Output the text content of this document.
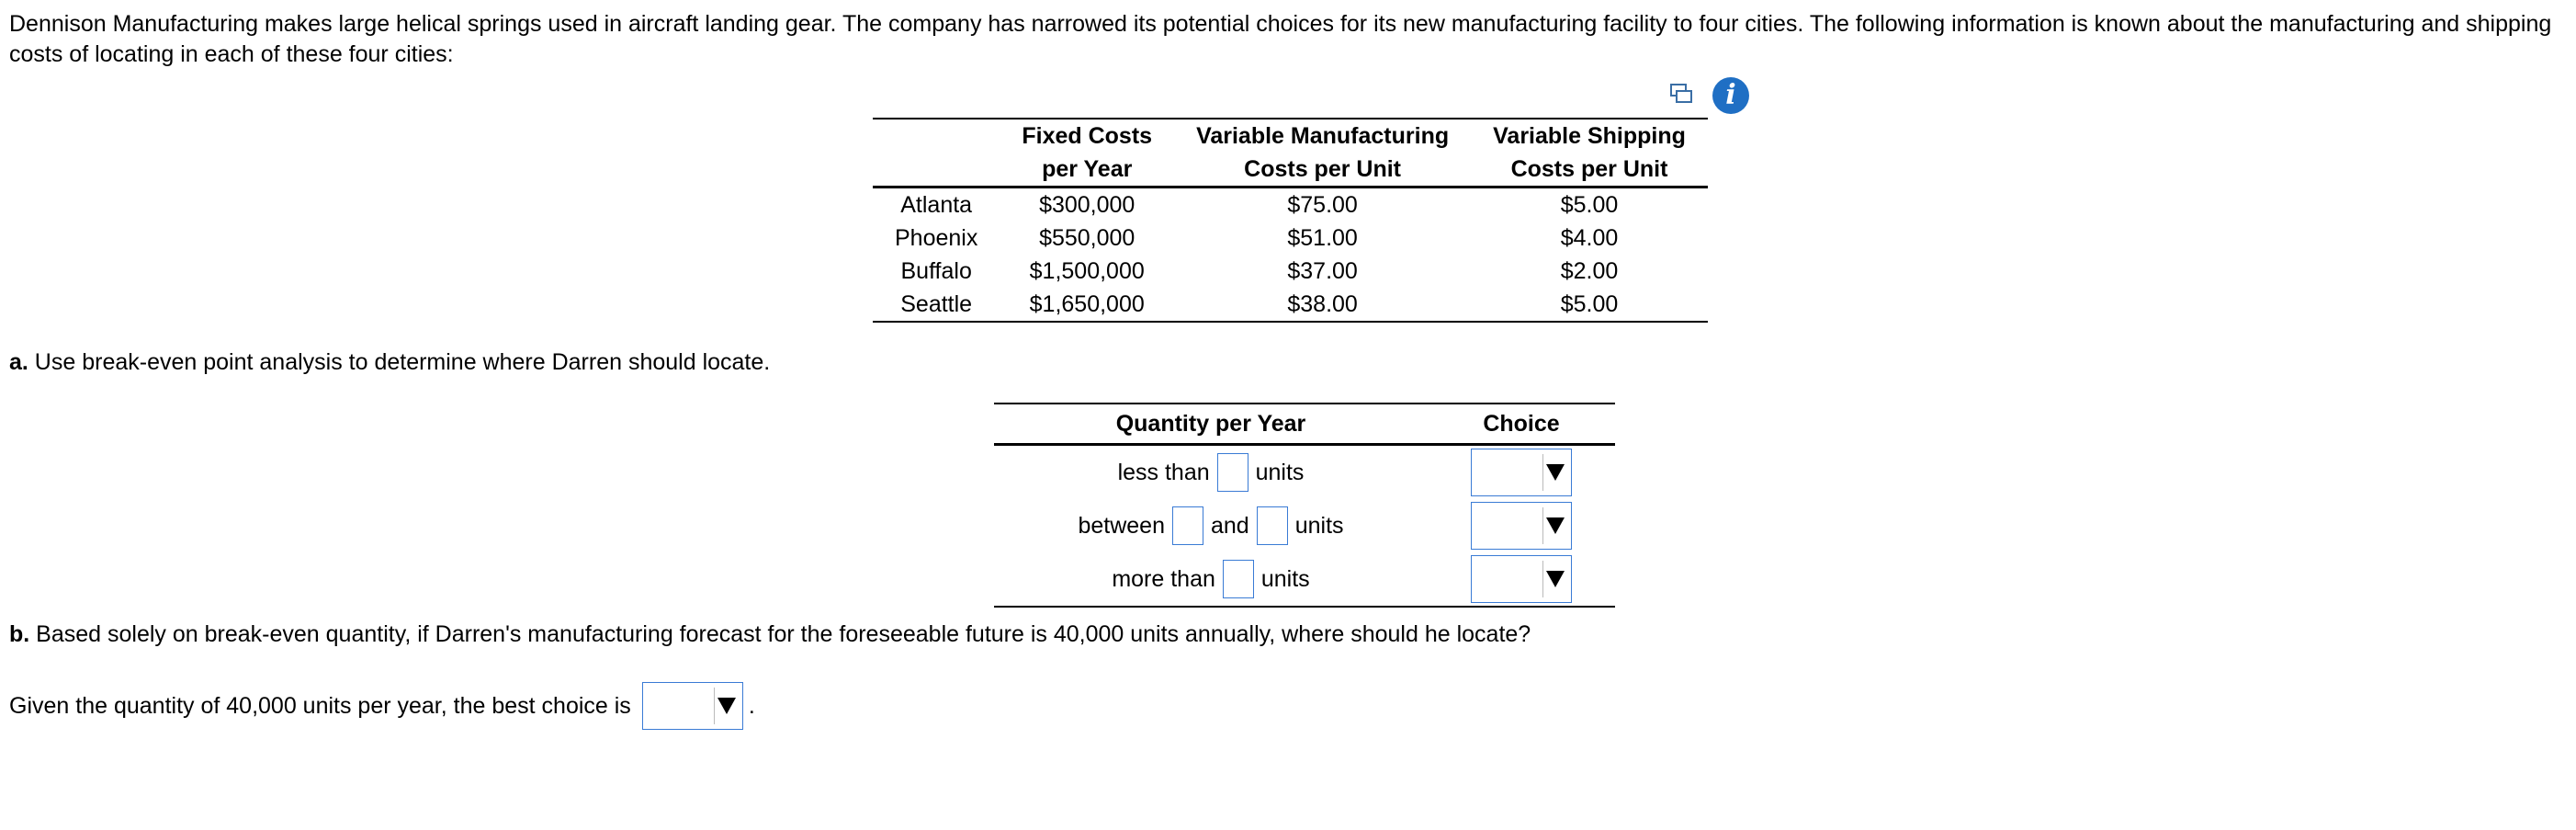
Dennison Manufacturing makes large helical springs used in aircraft landing gear. The company has narrowed its potential choices for its new manufacturing facility to four cities. The following information is known about the manufacturing and shipping costs of locating in each of these four cities:
i
	Fixed Costs	Variable Manufacturing	Variable Shipping
	per Year	Costs per Unit	Costs per Unit
Atlanta	$300,000	$75.00	$5.00
Phoenix	$550,000	$51.00	$4.00
Buffalo	$1,500,000	$37.00	$2.00
Seattle	$1,650,000	$38.00	$5.00
a. Use break-even point analysis to determine where Darren should locate.
Quantity per Year	Choice

less than units	

between and units	

more than units	

b. Based solely on break-even quantity, if Darren's manufacturing forecast for the foreseeable future is 40,000 units annually, where should he locate?
Given the quantity of 40,000 units per year, the best choice is	.
